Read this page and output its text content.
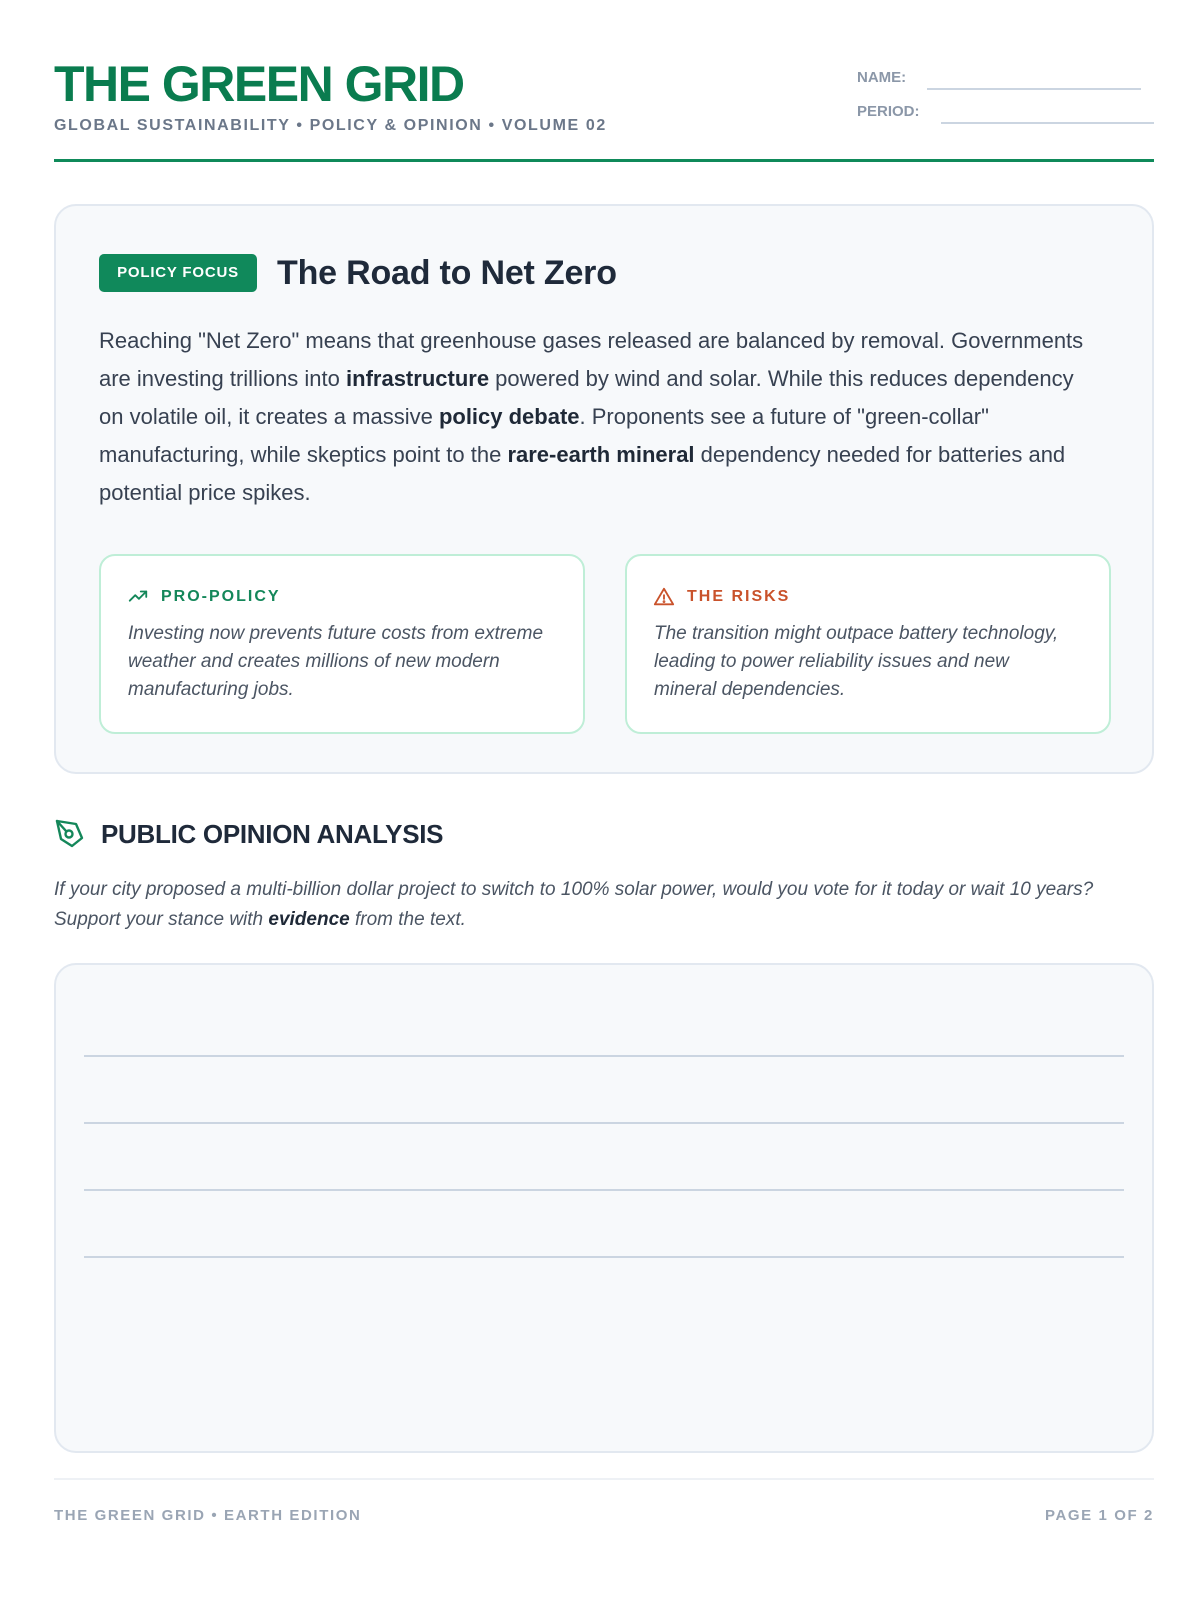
THE GREEN GRID
GLOBAL SUSTAINABILITY • POLICY & OPINION • VOLUME 02
NAME:
PERIOD:
POLICY FOCUS	The Road to Net Zero
Reaching "Net Zero" means that greenhouse gases released are balanced by removal. Governments are investing trillions into infrastructure powered by wind and solar. While this reduces dependency on volatile oil, it creates a massive policy debate. Proponents see a future of "green-collar" manufacturing, while skeptics point to the rare-earth mineral dependency needed for batteries and potential price spikes.
PRO-POLICY
Investing now prevents future costs from extreme weather and creates millions of new modern manufacturing jobs.
THE RISKS
The transition might outpace battery technology, leading to power reliability issues and new mineral dependencies.
PUBLIC OPINION ANALYSIS
If your city proposed a multi-billion dollar project to switch to 100% solar power, would you vote for it today or wait 10 years? Support your stance with evidence from the text.
THE GREEN GRID • EARTH EDITION	PAGE 1 OF 2
